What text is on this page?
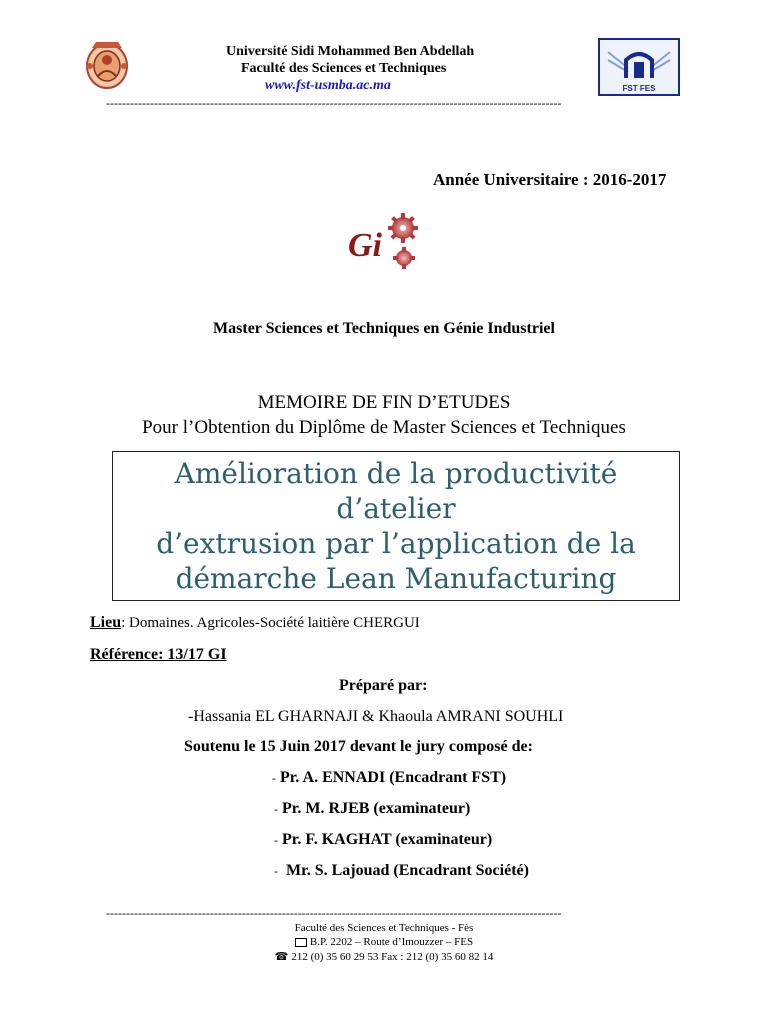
FST FES
Université Sidi Mohammed Ben Abdellah
Faculté des Sciences et Techniques
www.fst-usmba.ac.ma
------------------------------------------------------------------------------------------------------------------
Année Universitaire : 2016-2017
Gi
Master Sciences et Techniques en Génie Industriel
MEMOIRE DE FIN D’ETUDES
Pour l’Obtention du Diplôme de Master Sciences et Techniques
Amélioration de la productivité d’atelier
d’extrusion par l’application de la
démarche Lean Manufacturing
Lieu: Domaines. Agricoles-Société laitière CHERGUI
Référence: 13/17 GI
Préparé par:
-Hassania EL GHARNAJI & Khaoula AMRANI SOUHLI
Soutenu le 15 Juin 2017 devant le jury composé de:
- Pr. A. ENNADI (Encadrant FST)
- Pr. M. RJEB (examinateur)
- Pr. F. KAGHAT (examinateur)
- Mr. S. Lajouad (Encadrant Société)
------------------------------------------------------------------------------------------------------------------
Faculté des Sciences et Techniques - Fès
B.P. 2202 – Route d’Imouzzer – FES
☎ 212 (0) 35 60 29 53 Fax : 212 (0) 35 60 82 14
